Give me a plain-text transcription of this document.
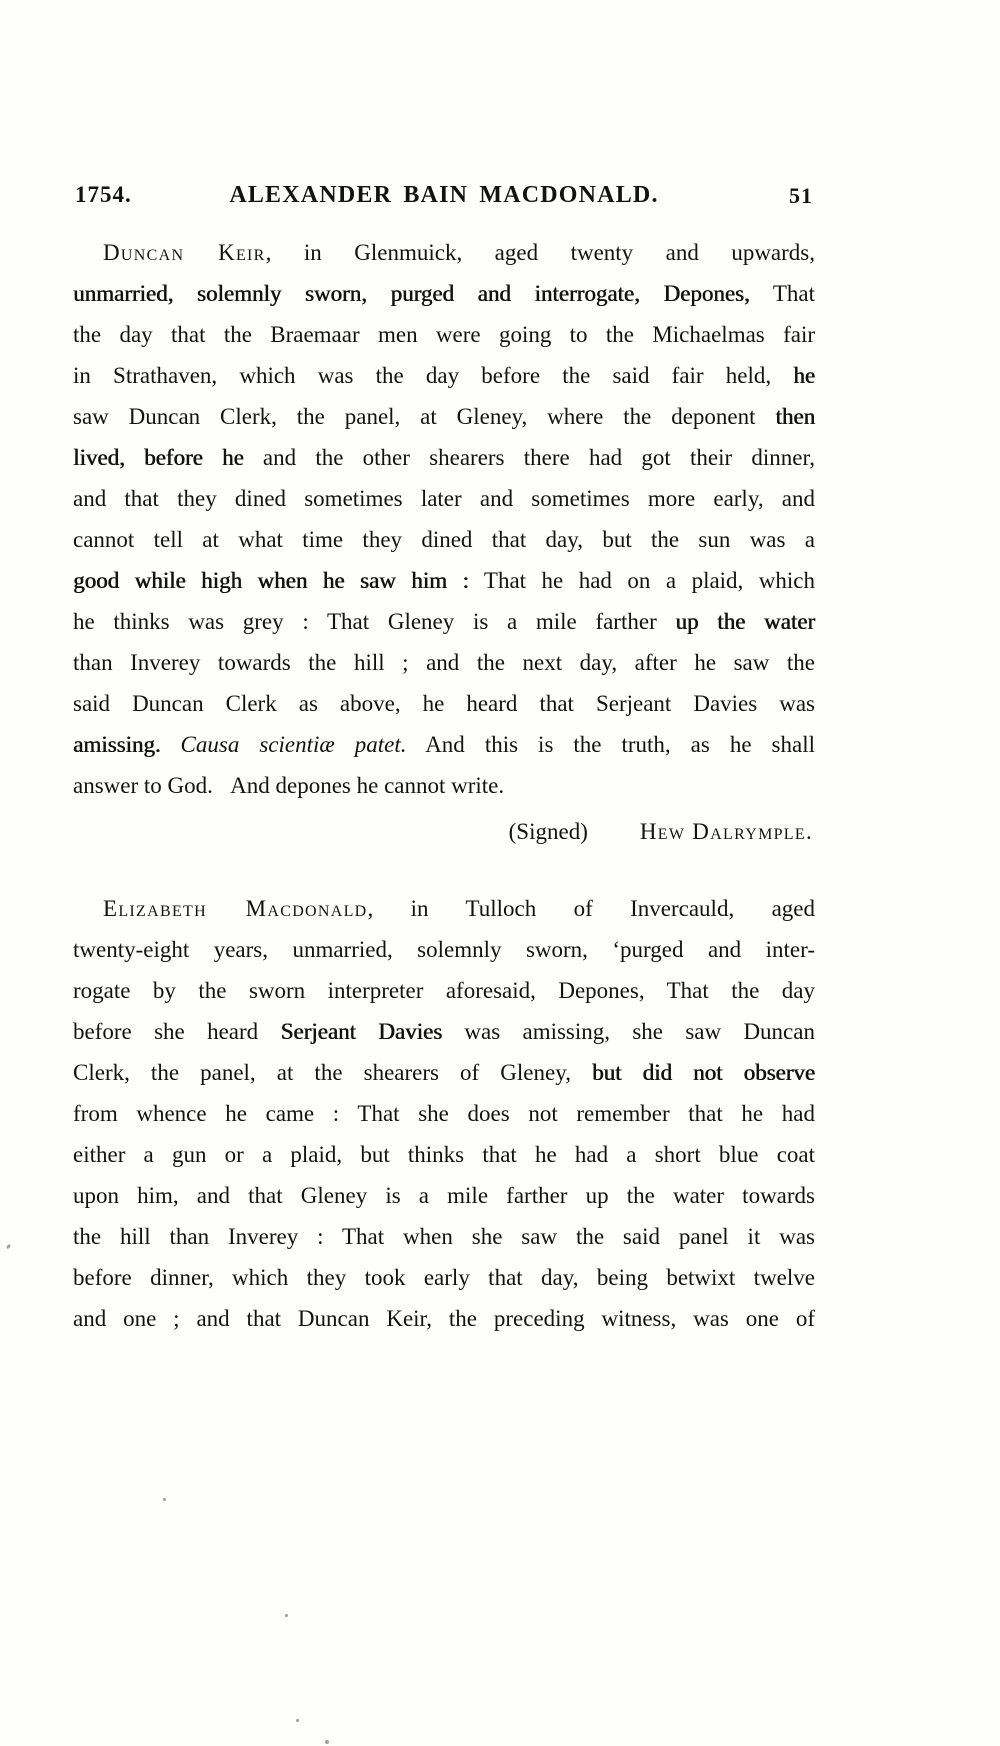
1754.	ALEXANDER BAIN MACDONALD.	51
Duncan Keir, in Glenmuick, aged twenty and upwards,
unmarried, solemnly sworn, purged and interrogate, Depones, That
the day that the Braemaar men were going to the Michaelmas fair
in Strathaven, which was the day before the said fair held, he
saw Duncan Clerk, the panel, at Gleney, where the deponent then
lived, before he and the other shearers there had got their dinner,
and that they dined sometimes later and sometimes more early, and
cannot tell at what time they dined that day, but the sun was a
good while high when he saw him : That he had on a plaid, which
he thinks was grey : That Gleney is a mile farther up the water
than Inverey towards the hill ; and the next day, after he saw the
said Duncan Clerk as above, he heard that Serjeant Davies was
amissing. Causa scientiæ patet. And this is the truth, as he shall
answer to God.  And depones he cannot write.
(Signed) Hew Dalrymple.
Elizabeth Macdonald, in Tulloch of Invercauld, aged
twenty-eight years, unmarried, solemnly sworn, ‘purged and inter-
rogate by the sworn interpreter aforesaid, Depones, That the day
before she heard Serjeant Davies was amissing, she saw Duncan
Clerk, the panel, at the shearers of Gleney, but did not observe
from whence he came : That she does not remember that he had
either a gun or a plaid, but thinks that he had a short blue coat
upon him, and that Gleney is a mile farther up the water towards
the hill than Inverey : That when she saw the said panel it was
before dinner, which they took early that day, being betwixt twelve
and one ; and that Duncan Keir, the preceding witness, was one of
